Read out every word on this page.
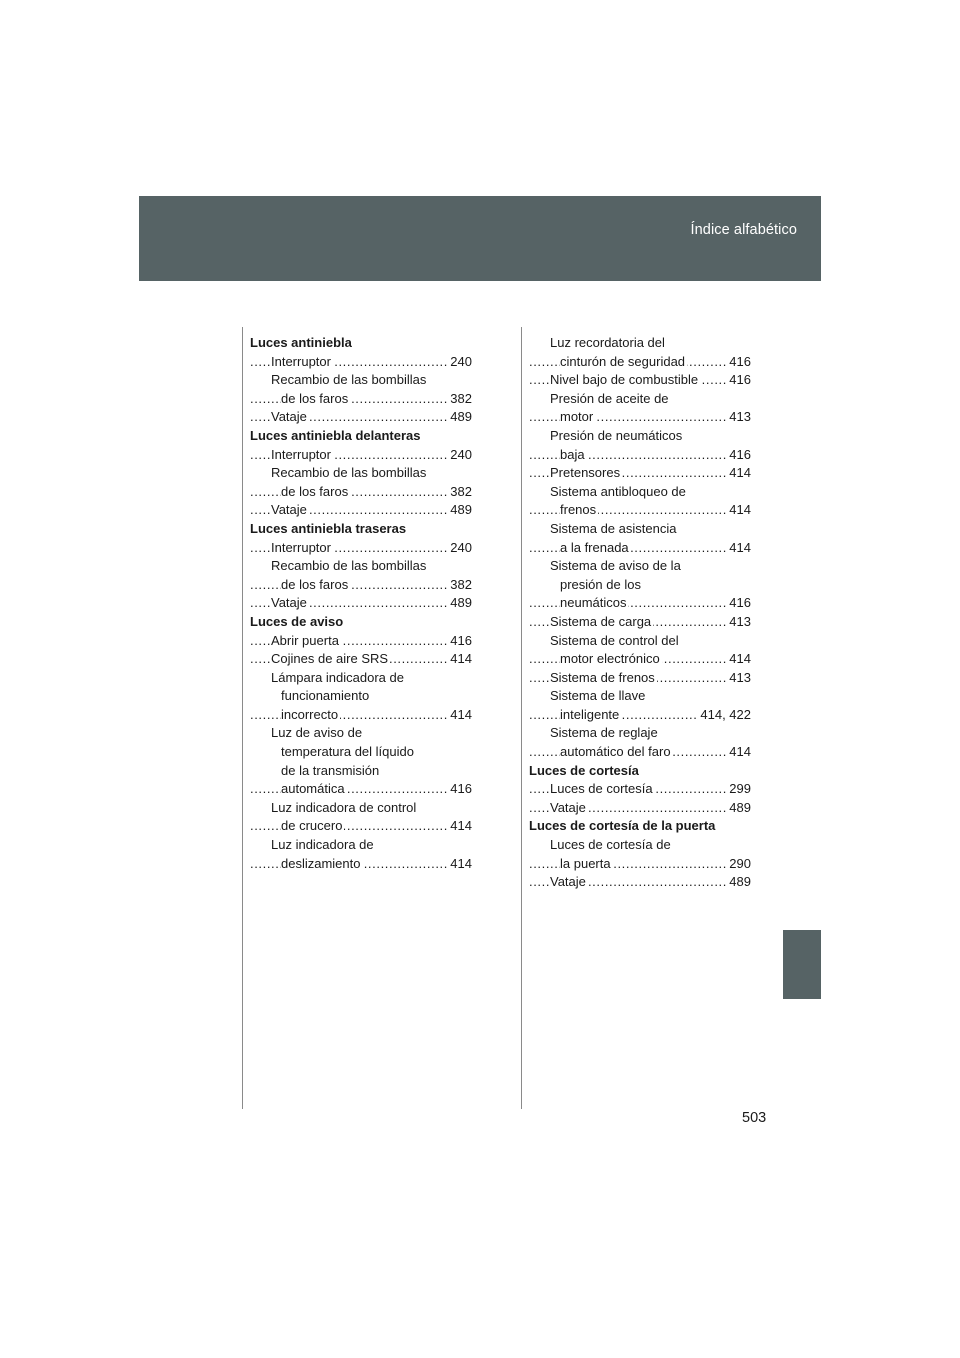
Índice alfabético
Luces antiniebla
..... Interruptor	240
Recambio de las bombillas
..... de los faros	382
..... Vataje	489
Luces antiniebla delanteras
..... Interruptor	240
Recambio de las bombillas
..... de los faros	382
..... Vataje	489
Luces antiniebla traseras
..... Interruptor	240
Recambio de las bombillas
..... de los faros	382
..... Vataje	489
Luces de aviso
..... Abrir puerta	416
..... Cojines de aire SRS	414
Lámpara indicadora de
funcionamiento
..... incorrecto	414
Luz de aviso de
temperatura del líquido
de la transmisión
..... automática	416
Luz indicadora de control
..... de crucero	414
Luz indicadora de
..... deslizamiento	414
Luz recordatoria del
..... cinturón de seguridad	416
..... Nivel bajo de combustible 416
Presión de aceite de
..... motor	413
Presión de neumáticos
..... baja	416
..... Pretensores	414
Sistema antibloqueo de
..... frenos	414
Sistema de asistencia
..... a la frenada	414
Sistema de aviso de la
presión de los
..... neumáticos	416
..... Sistema de carga	413
Sistema de control del
..... motor electrónico	414
..... Sistema de frenos	413
Sistema de llave
..... inteligente	414, 422
Sistema de reglaje
..... automático del faro	414
Luces de cortesía
..... Luces de cortesía	299
..... Vataje	489
Luces de cortesía de la puerta
Luces de cortesía de
..... la puerta	290
..... Vataje	489
503
